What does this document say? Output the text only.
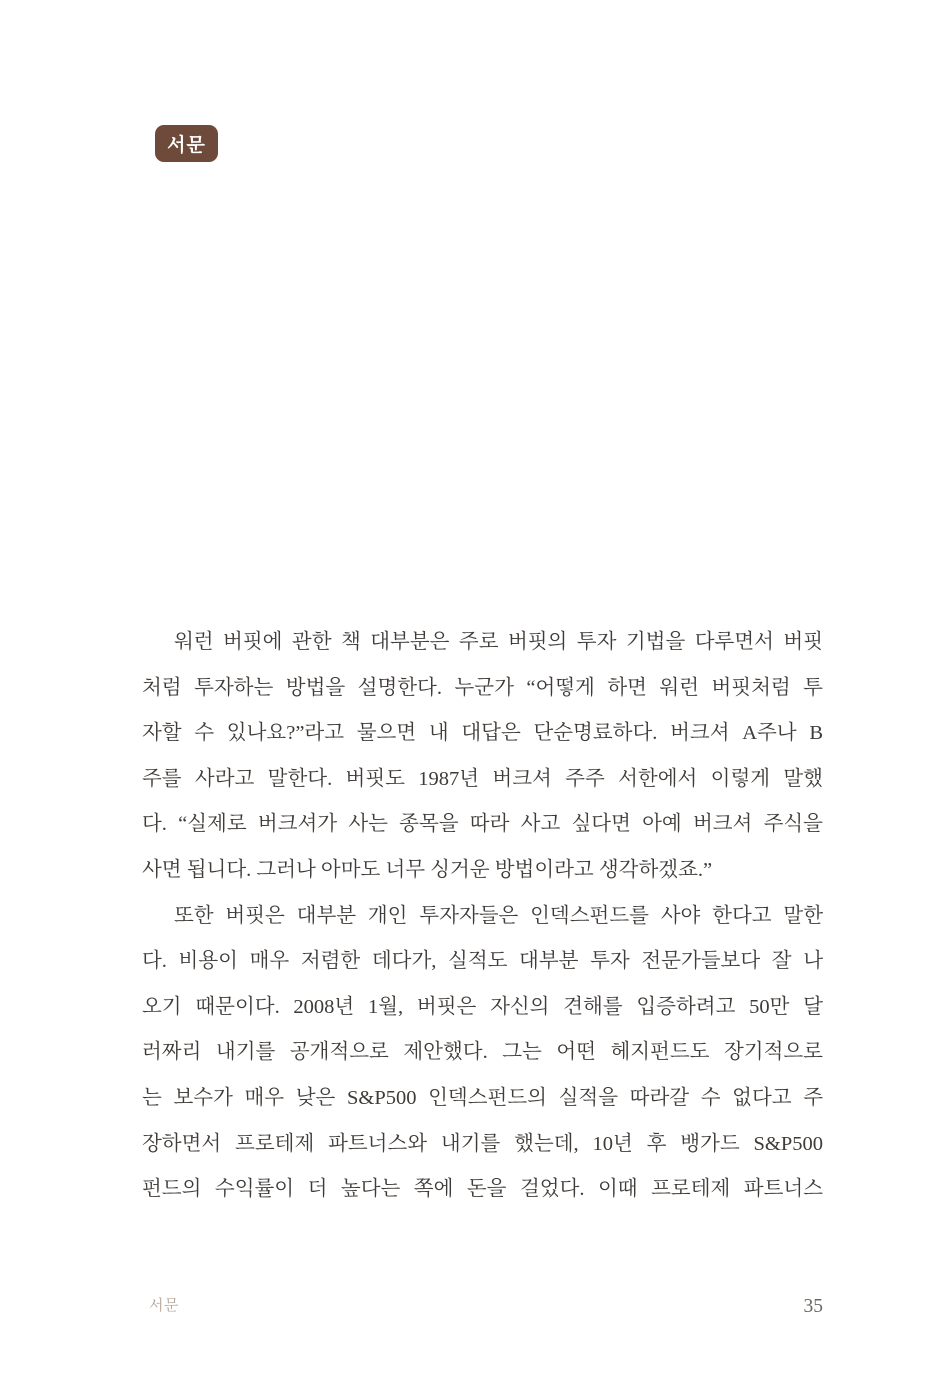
서문
워런 버핏에 관한 책 대부분은 주로 버핏의 투자 기법을 다루면서 버핏
처럼 투자하는 방법을 설명한다. 누군가 “어떻게 하면 워런 버핏처럼 투
자할 수 있나요?”라고 물으면 내 대답은 단순명료하다. 버크셔 A주나 B
주를 사라고 말한다. 버핏도 1987년 버크셔 주주 서한에서 이렇게 말했
다. “실제로 버크셔가 사는 종목을 따라 사고 싶다면 아예 버크셔 주식을
사면 됩니다. 그러나 아마도 너무 싱거운 방법이라고 생각하겠죠.”
또한 버핏은 대부분 개인 투자자들은 인덱스펀드를 사야 한다고 말한
다. 비용이 매우 저렴한 데다가, 실적도 대부분 투자 전문가들보다 잘 나
오기 때문이다. 2008년 1월, 버핏은 자신의 견해를 입증하려고 50만 달
러짜리 내기를 공개적으로 제안했다. 그는 어떤 헤지펀드도 장기적으로
는 보수가 매우 낮은 S&P500 인덱스펀드의 실적을 따라갈 수 없다고 주
장하면서 프로테제 파트너스와 내기를 했는데, 10년 후 뱅가드 S&P500
펀드의 수익률이 더 높다는 쪽에 돈을 걸었다. 이때 프로테제 파트너스
서문	35
